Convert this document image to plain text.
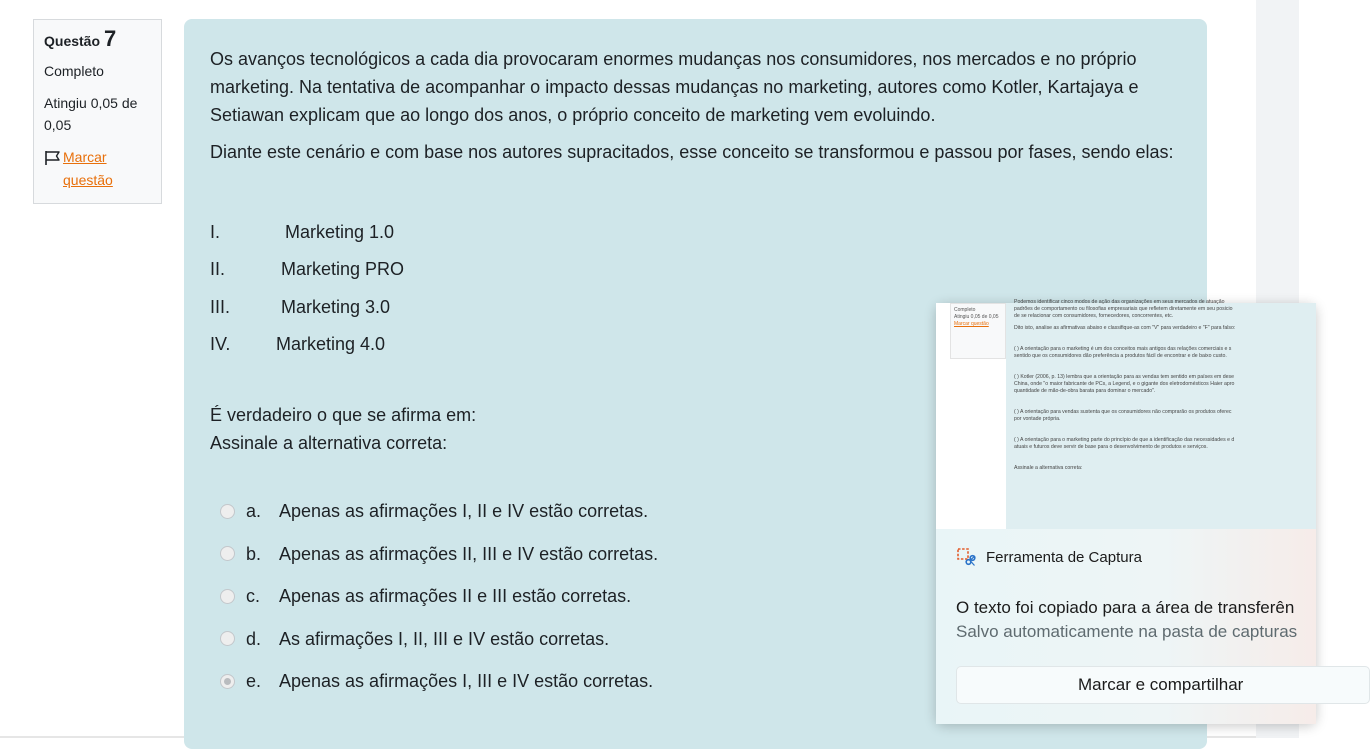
Questão 7
Completo
Atingiu 0,05 de 0,05
Marcar questão

Os avanços tecnológicos a cada dia provocaram enormes mudanças nos consumidores, nos mercados e no próprio marketing. Na tentativa de acompanhar o impacto dessas mudanças no marketing, autores como Kotler, Kartajaya e Setiawan explicam que ao longo dos anos, o próprio conceito de marketing vem evoluindo.

Diante este cenário e com base nos autores supracitados, esse conceito se transformou e passou por fases, sendo elas:

I.	Marketing 1.0
II.	Marketing PRO
III.	Marketing 3.0
IV.	Marketing 4.0

É verdadeiro o que se afirma em:

Assinale a alternativa correta:

a. Apenas as afirmações I, II e IV estão corretas.
b. Apenas as afirmações II, III e IV estão corretas.
c.	Apenas as afirmações II e III estão corretas.
d. As afirmações I, II, III e IV estão corretas.
e. Apenas as afirmações I, III e IV estão corretas.
Completo
Atingiu 0,05 de 0,05
Marcar questão
Podemos identificar cinco modos de ação das organizações em seus mercados de atuação
padrões de comportamento ou filosofias empresariais que refletem diretamente em seu posicio
de se relacionar com consumidores, fornecedores, concorrentes, etc.
Dito isto, analise as afirmativas abaixo e classifique-as com "V" para verdadeiro e "F" para falso:
( ) A orientação para o marketing é um dos conceitos mais antigos das relações comerciais e s
sentido que os consumidores dão preferência a produtos fácil de encontrar e de baixo custo.
( ) Kotler (2006, p. 13) lembra que a orientação para as vendas tem sentido em países em dese
China, onde "o maior fabricante de PCs, a Legend, e o gigante dos eletrodomésticos Haier apro
quantidade de mão-de-obra barata para dominar o mercado".
( ) A orientação para vendas sustenta que os consumidores não comprarão os produtos oferec
por vontade própria.
( ) A orientação para o marketing parte do princípio de que a identificação das necessidades e d
atuais e futuros deve servir de base para o desenvolvimento de produtos e serviços.
Assinale a alternativa correta:
Ferramenta de Captura
O texto foi copiado para a área de transferên
Salvo automaticamente na pasta de capturas
Marcar e compartilhar
